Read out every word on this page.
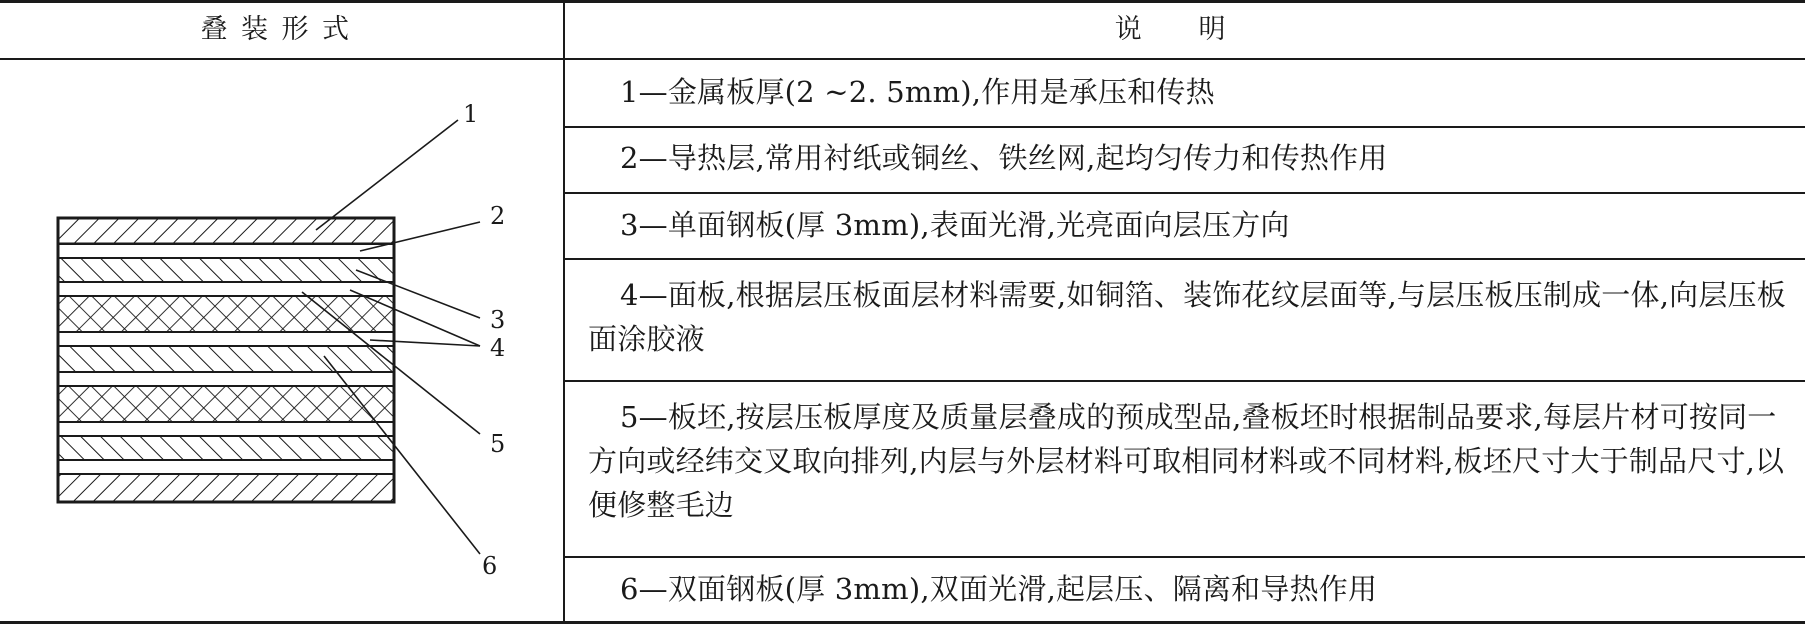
叠装形式	说明
1—金属板厚(2 ~2. 5mm),作用是承压和传热
2—导热层,常用衬纸或铜丝、铁丝网,起均匀传力和传热作用
3—单面钢板(厚 3mm),表面光滑,光亮面向层压方向
4—面板,根据层压板面层材料需要,如铜箔、装饰花纹层面等,与层压板压制成一体,向层压板面涂胶液
5—板坯,按层压板厚度及质量层叠成的预成型品,叠板坯时根据制品要求,每层片材可按同一方向或经纬交叉取向排列,内层与外层材料可取相同材料或不同材料,板坯尺寸大于制品尺寸,以便修整毛边
6—双面钢板(厚 3mm),双面光滑,起层压、隔离和导热作用
1
2
3
4
5
6
